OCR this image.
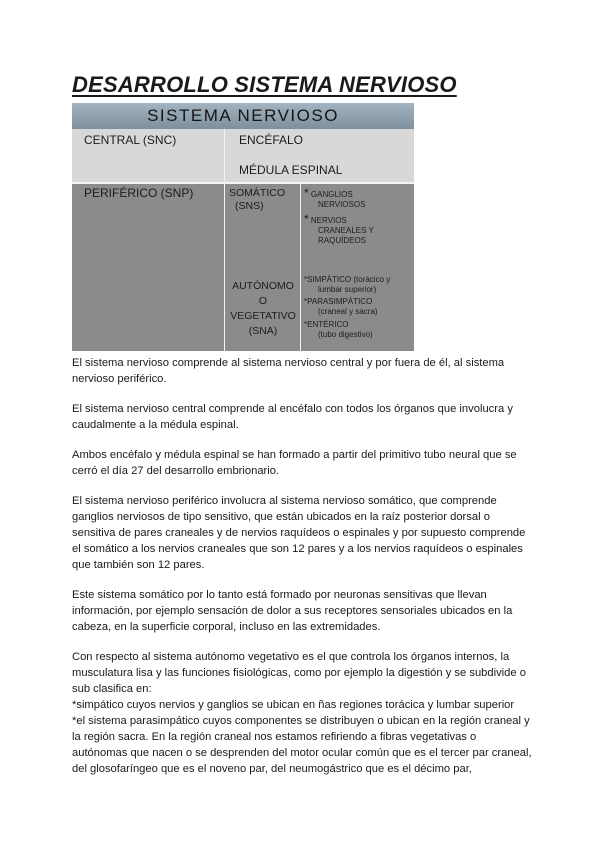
DESARROLLO SISTEMA NERVIOSO
SISTEMA NERVIOSO
CENTRAL (SNC)	ENCÉFALO
MÉDULA ESPINAL
PERIFÉRICO (SNP)	SOMÁTICO
(SNS)
* GANGLIOS
NERVIOSOS
* NERVIOS
CRANEALES Y
RAQUÍDEOS
AUTÓNOMO
O
VEGETATIVO
(SNA)
*SIMPÁTICO (torácico y
lumbar superior)
*PARASIMPÁTICO
(craneal y sacra)
*ENTÉRICO
(tubo digestivo)

El sistema nervioso comprende al sistema nervioso central y por fuera de él, al sistema nervioso periférico.

El sistema nervioso central comprende al encéfalo con todos los órganos que involucra y caudalmente a la médula espinal.

Ambos encéfalo y médula espinal se han formado a partir del primitivo tubo neural que se cerró el día 27 del desarrollo embrionario.

El sistema nervioso periférico involucra al sistema nervioso somático, que comprende ganglios nerviosos de tipo sensitivo, que están ubicados en la raíz posterior dorsal o sensitiva de pares craneales y de nervios raquídeos o espinales y por supuesto comprende el somático a los nervios craneales que son 12 pares y a los nervios raquídeos o espinales que también son 12 pares.

Este sistema somático por lo tanto está formado por neuronas sensitivas que llevan información, por ejemplo sensación de dolor a sus receptores sensoriales ubicados en la cabeza, en la superficie corporal, incluso en las extremidades.

Con respecto al sistema autónomo vegetativo es el que controla los órganos internos, la musculatura lisa y las funciones fisiológicas, como por ejemplo la digestión y se subdivide o sub clasifica en:
*simpático cuyos nervios y ganglios se ubican en ñas regiones torácica y lumbar superior
*el sistema parasimpático cuyos componentes se distribuyen o ubican en la región craneal y la región sacra. En la región craneal nos estamos refiriendo a fibras vegetativas o autónomas que nacen o se desprenden del motor ocular común que es el tercer par craneal, del glosofaríngeo que es el noveno par, del neumogástrico que es el décimo par,
